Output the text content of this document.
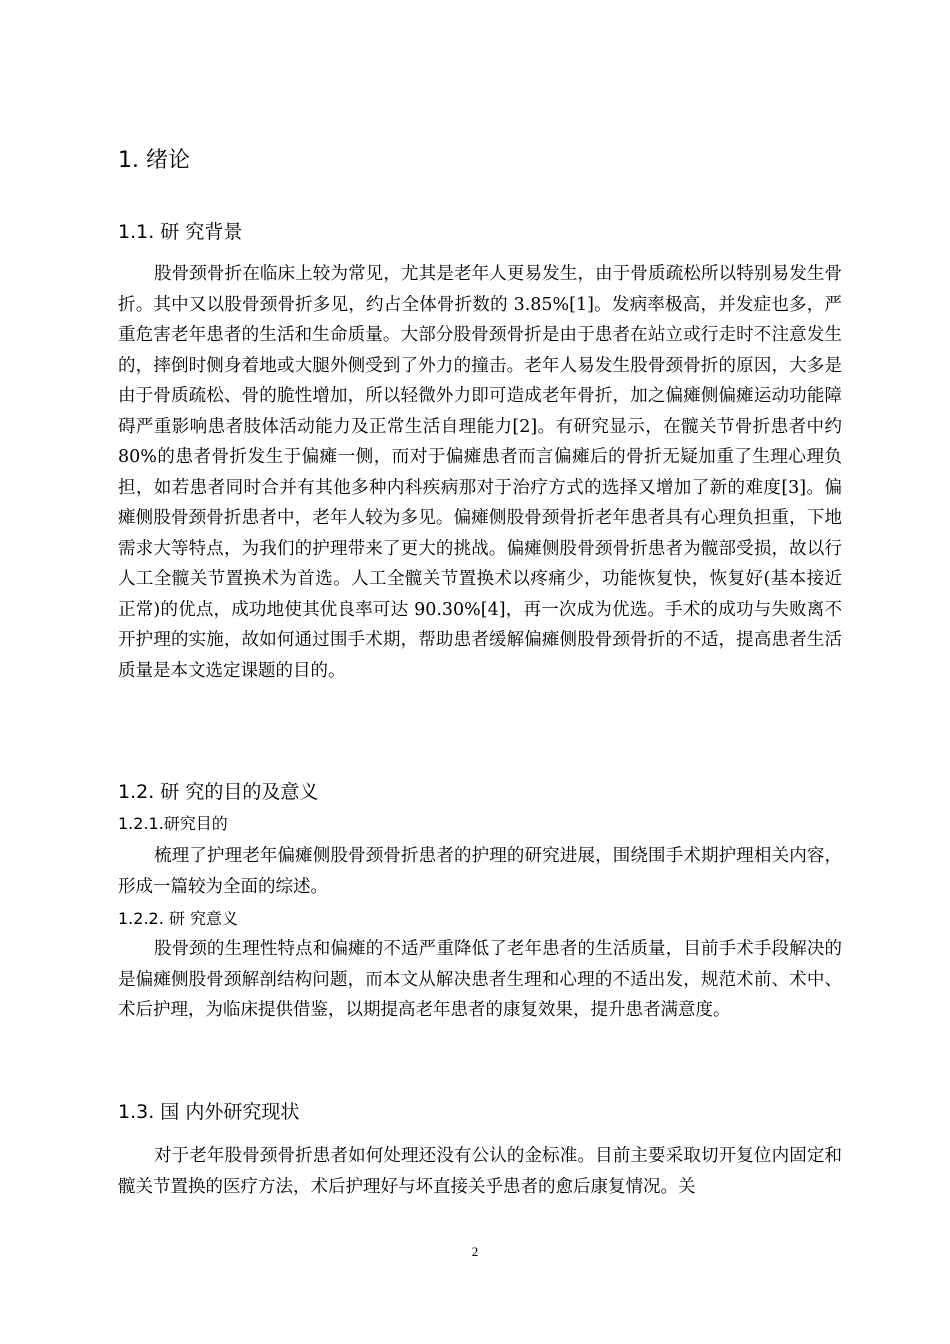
1. 绪论
1.1. 研 究背景

股骨颈骨折在临床上较为常见，尤其是老年人更易发生，由于骨质疏松所以特别易发生骨折。其中又以股骨颈骨折多见，约占全体骨折数的 3.85%[1]。发病率极高，并发症也多，严重危害老年患者的生活和生命质量。大部分股骨颈骨折是由于患者在站立或行走时不注意发生的，摔倒时侧身着地或大腿外侧受到了外力的撞击。老年人易发生股骨颈骨折的原因，大多是由于骨质疏松、骨的脆性增加，所以轻微外力即可造成老年骨折，加之偏瘫侧偏瘫运动功能障碍严重影响患者肢体活动能力及正常生活自理能力[2]。有研究显示，在髋关节骨折患者中约 80%的患者骨折发生于偏瘫一侧，而对于偏瘫患者而言偏瘫后的骨折无疑加重了生理心理负担，如若患者同时合并有其他多种内科疾病那对于治疗方式的选择又增加了新的难度[3]。偏瘫侧股骨颈骨折患者中，老年人较为多见。偏瘫侧股骨颈骨折老年患者具有心理负担重，下地需求大等特点，为我们的护理带来了更大的挑战。偏瘫侧股骨颈骨折患者为髋部受损，故以行人工全髋关节置换术为首选。人工全髋关节置换术以疼痛少，功能恢复快，恢复好(基本接近正常)的优点，成功地使其优良率可达 90.30%[4]，再一次成为优选。手术的成功与失败离不开护理的实施，故如何通过围手术期，帮助患者缓解偏瘫侧股骨颈骨折的不适，提高患者生活质量是本文选定课题的目的。

1.2. 研 究的目的及意义
1.2.1.研究目的

梳理了护理老年偏瘫侧股骨颈骨折患者的护理的研究进展，围绕围手术期护理相关内容，形成一篇较为全面的综述。

1.2.2. 研 究意义

股骨颈的生理性特点和偏瘫的不适严重降低了老年患者的生活质量，目前手术手段解决的是偏瘫侧股骨颈解剖结构问题，而本文从解决患者生理和心理的不适出发，规范术前、术中、术后护理，为临床提供借鉴，以期提高老年患者的康复效果，提升患者满意度。

1.3. 国 内外研究现状

对于老年股骨颈骨折患者如何处理还没有公认的金标准。目前主要采取切开复位内固定和髋关节置换的医疗方法，术后护理好与坏直接关乎患者的愈后康复情况。关

2
